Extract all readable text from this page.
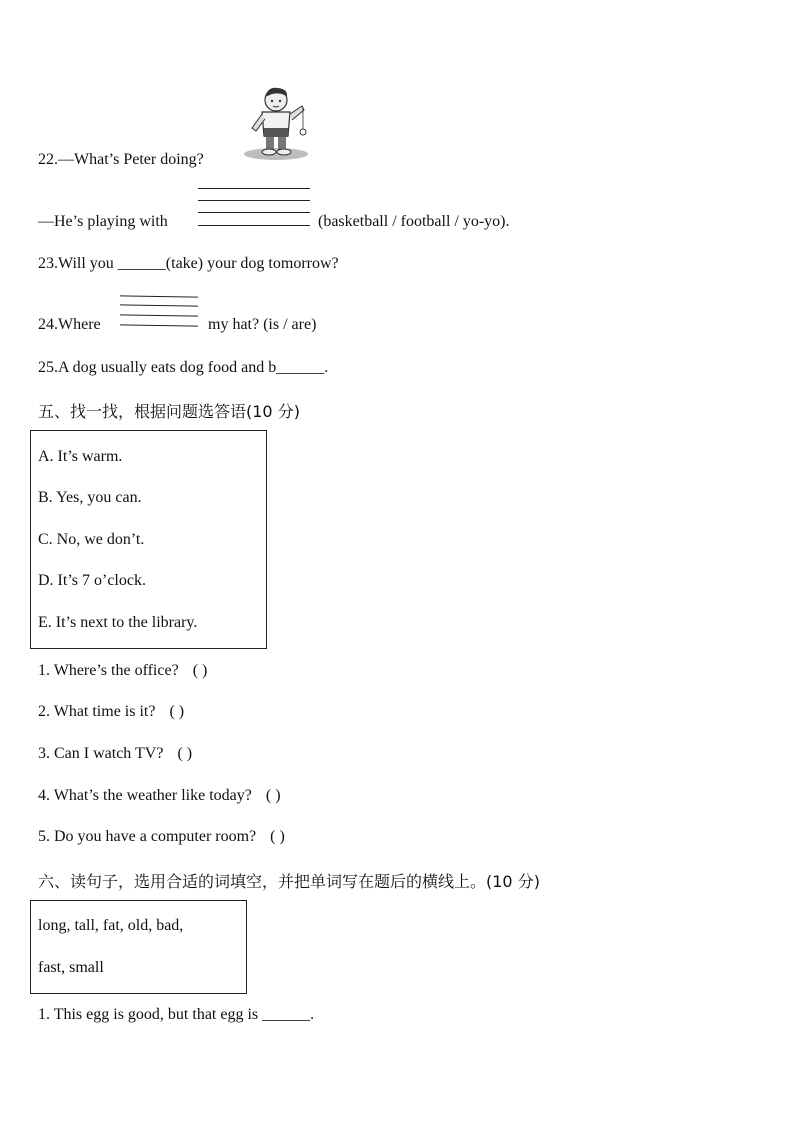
22.—What’s Peter doing?
—He’s playing with	(basketball / football / yo-yo).
23.Will you ______(take) your dog tomorrow?
24.Where	my hat? (is / are)
25.A dog usually eats dog food and b______.
五、找一找，根据问题选答语(10 分)
A. It’s warm.
B. Yes, you can.
C. No, we don’t.
D. It’s 7 o’clock.
E. It’s next to the library.
1. Where’s the office? ( )
2. What time is it? ( )
3. Can I watch TV? ( )
4. What’s the weather like today? ( )
5. Do you have a computer room? ( )
六、读句子，选用合适的词填空，并把单词写在题后的横线上。(10 分)
long, tall, fat, old, bad,
fast, small
1. This egg is good, but that egg is ______.
